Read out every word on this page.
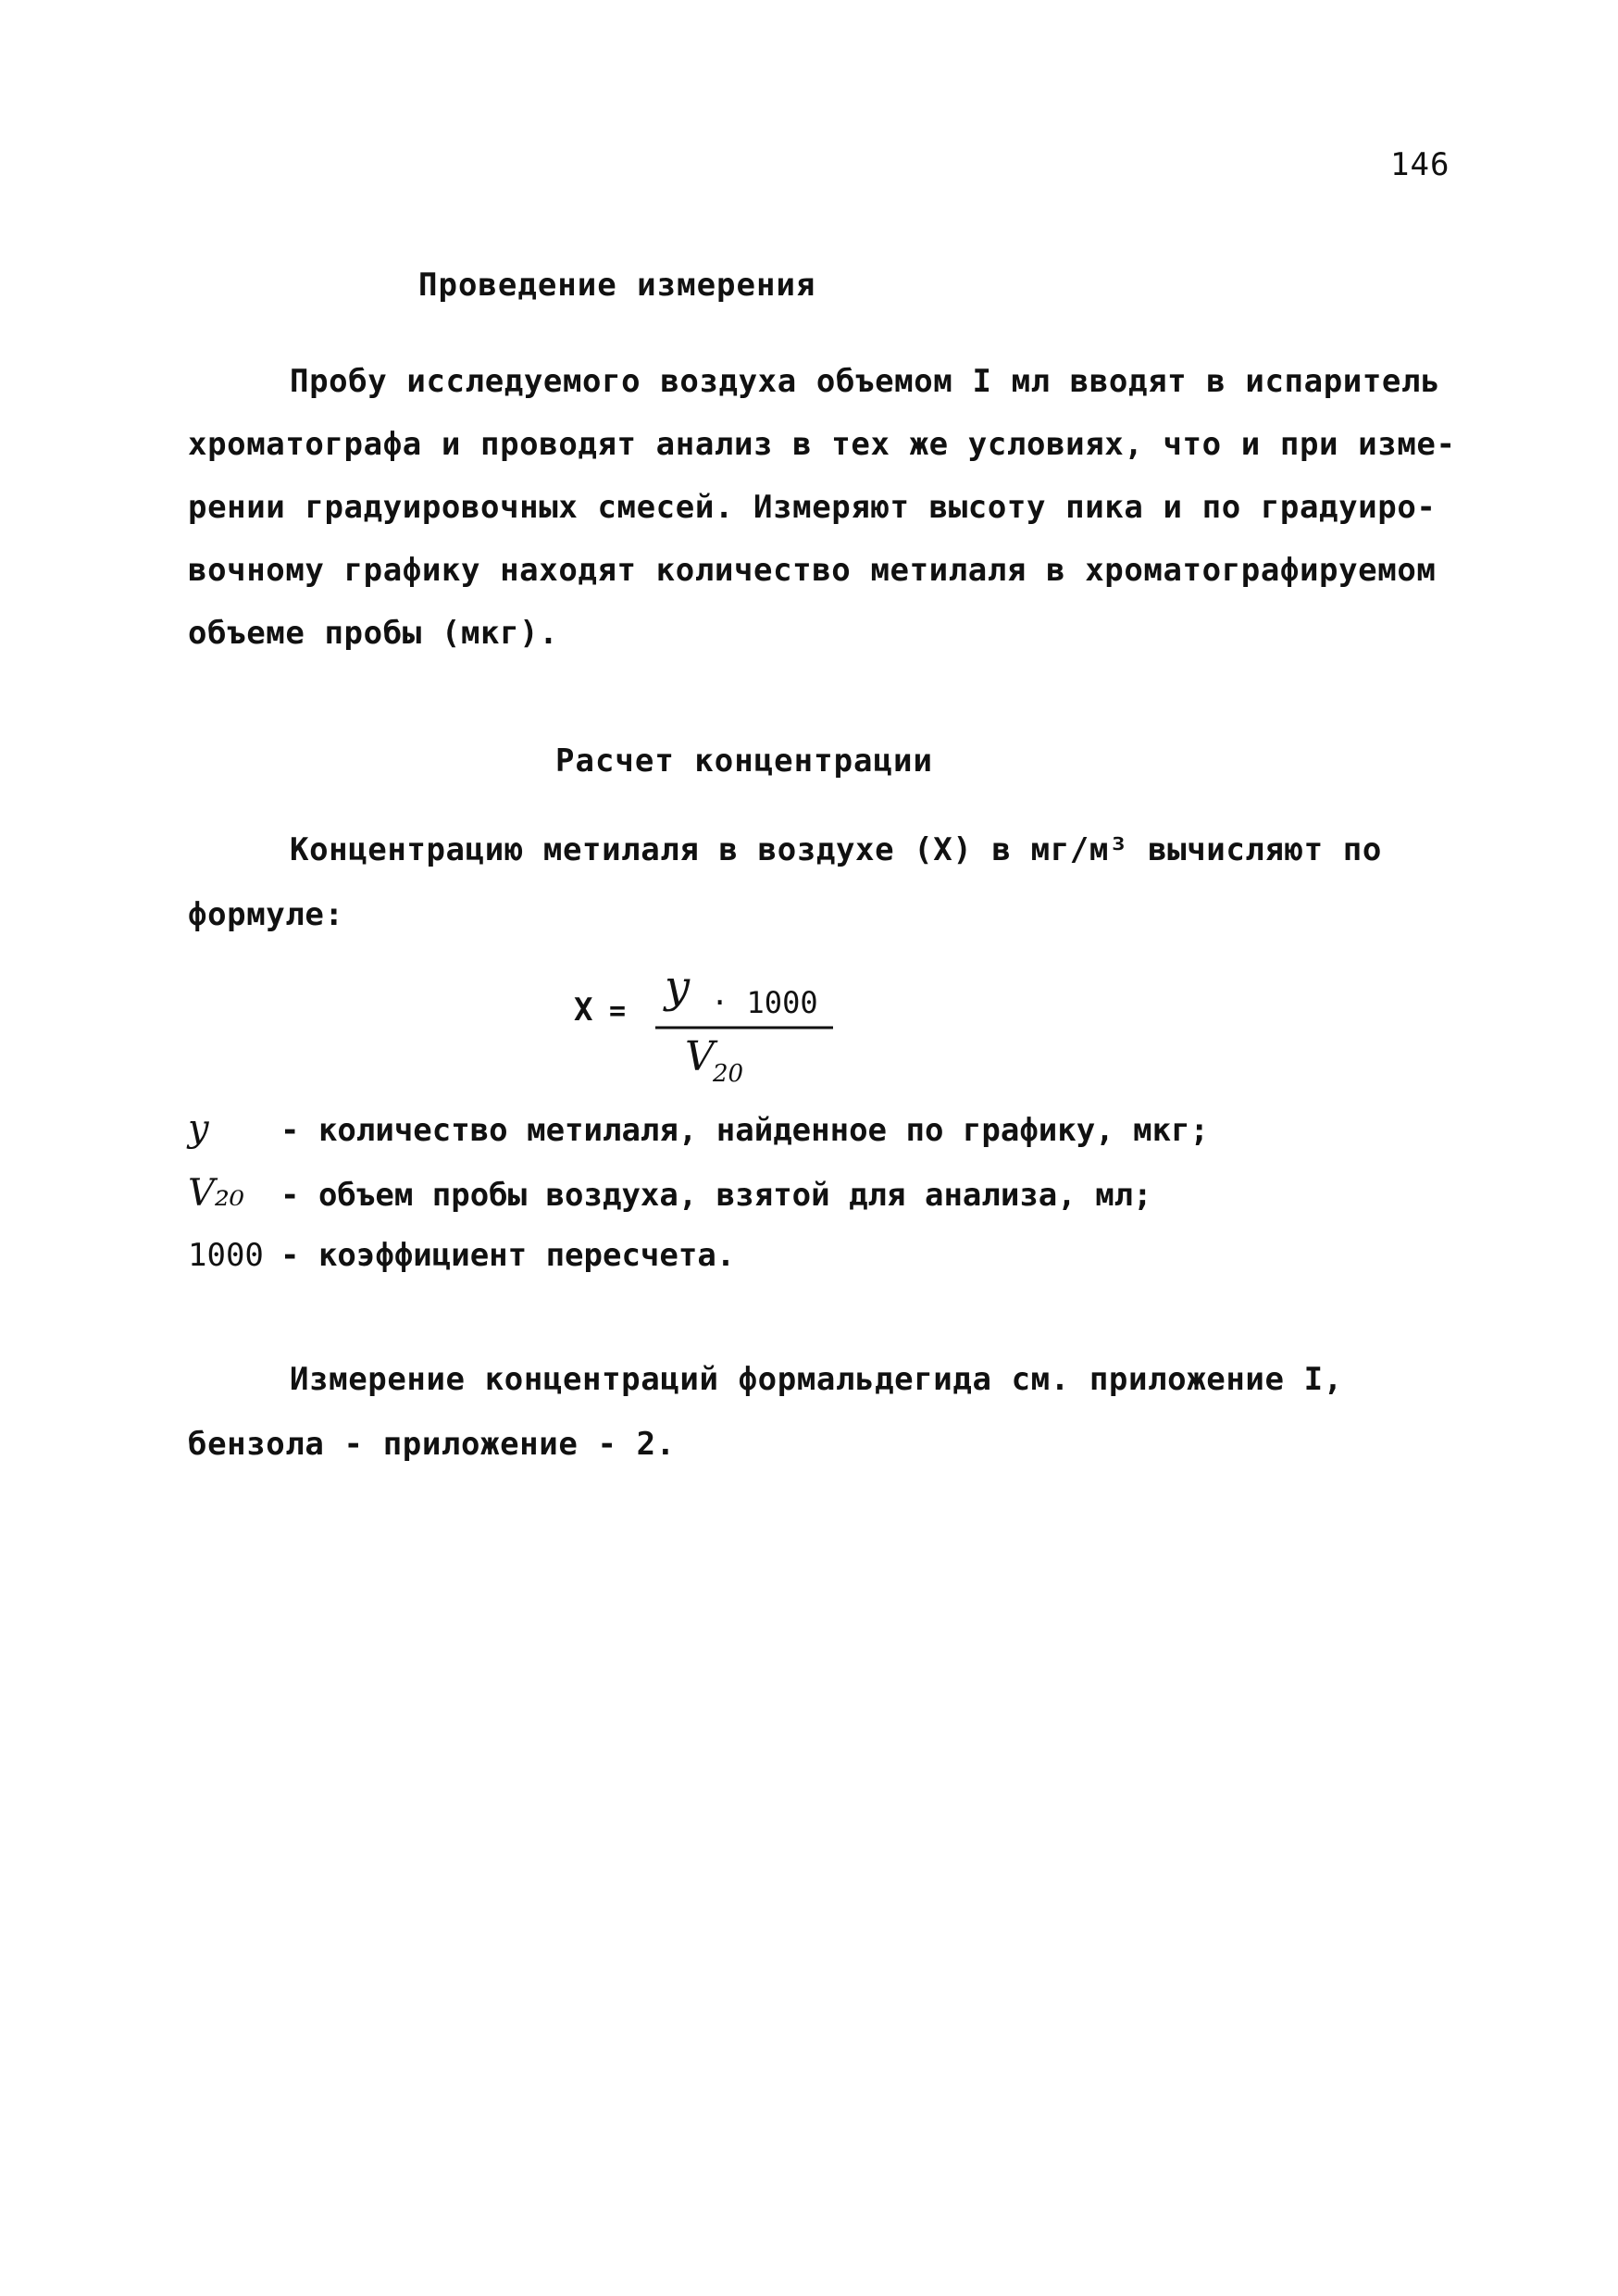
146
Проведение измерения
Пробу исследуемого воздуха объемом I мл вводят в испаритель
хроматографа и проводят анализ в тех же условиях, что и при изме-
рении градуировочных смесей. Измеряют высоту пика и по градуиро-
вочному графику находят количество метилаля в хроматографируемом
объеме пробы (мкг).
Расчет концентрации
Концентрацию метилаля в воздухе (X) в мг/м³ вычисляют по
формуле:
X = y · 1000
V
20
y - количество метилаля, найденное по графику, мкг;
V₂₀ - объем пробы воздуха, взятой для анализа, мл;
1000 - коэффициент пересчета.
Измерение концентраций формальдегида см. приложение I,
бензола - приложение - 2.
